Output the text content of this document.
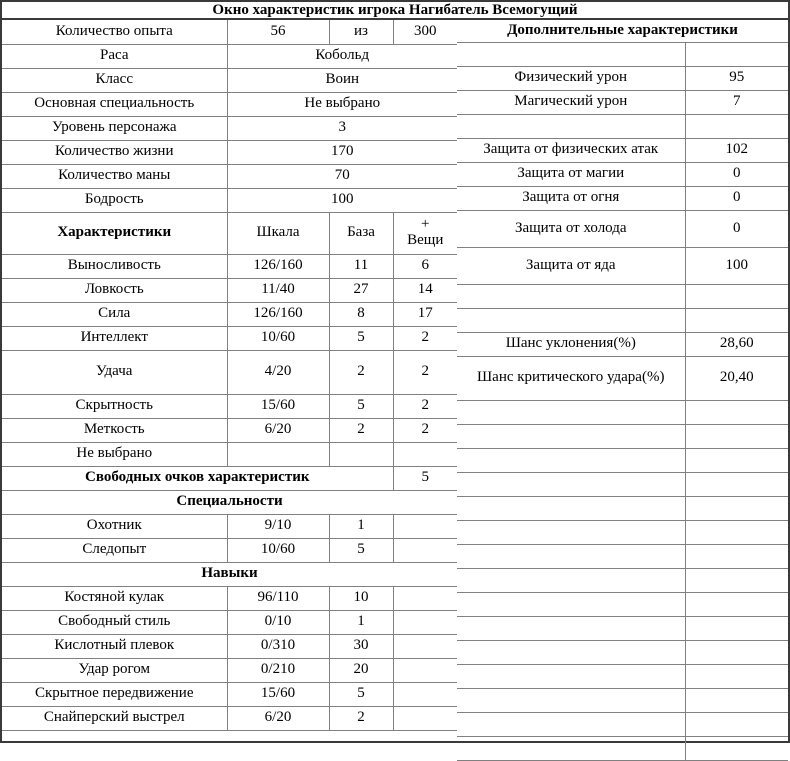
Окно характеристик игрока Нагибатель Всемогущий
Количество опыта	56	из	300
Раса	Кобольд		
Класс	Воин		
Основная специальность	Не выбрано		
Уровень персонажа	3		
Количество жизни	170		
Количество маны	70		
Бодрость	100		
Характеристики	Шкала	База	+
Вещи
Выносливость	126/160	11	6
Ловкость	11/40	27	14
Сила	126/160	8	17
Интеллект	10/60	5	2
Удача	4/20	2	2
Скрытность	15/60	5	2
Меткость	6/20	2	2
Не выбрано			
Свободных очков характеристик			5
Специальности			
Охотник	9/10	1	
Следопыт	10/60	5	
Навыки			
Костяной кулак	96/110	10	
Свободный стиль	0/10	1	
Кислотный плевок	0/310	30	
Удар рогом	0/210	20	
Скрытное передвижение	15/60	5	
Снайперский выстрел	6/20	2	
Дополнительные характеристики	

Физический урон	95
Магический урон	7

Защита от физических атак	102
Защита от магии	0
Защита от огня	0
Защита от холода	0
Защита от яда	100

Шанс уклонения(%)	28,60
Шанс критического удара(%)	20,40
